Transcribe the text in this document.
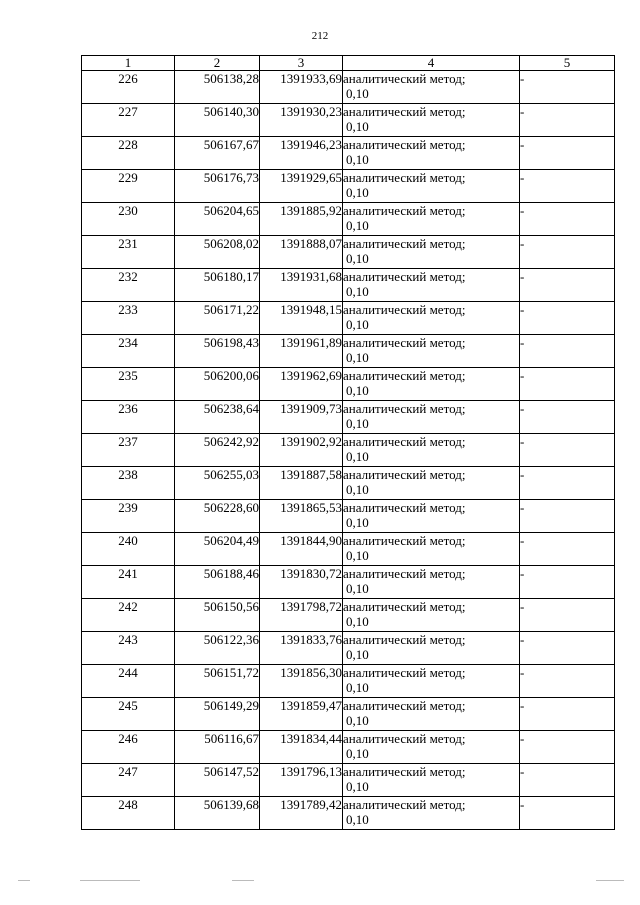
212
1	2	3	4	5
226	506138,28	1391933,69	аналитический метод;
0,10	-
227	506140,30	1391930,23	аналитический метод;
0,10	-
228	506167,67	1391946,23	аналитический метод;
0,10	-
229	506176,73	1391929,65	аналитический метод;
0,10	-
230	506204,65	1391885,92	аналитический метод;
0,10	-
231	506208,02	1391888,07	аналитический метод;
0,10	-
232	506180,17	1391931,68	аналитический метод;
0,10	-
233	506171,22	1391948,15	аналитический метод;
0,10	-
234	506198,43	1391961,89	аналитический метод;
0,10	-
235	506200,06	1391962,69	аналитический метод;
0,10	-
236	506238,64	1391909,73	аналитический метод;
0,10	-
237	506242,92	1391902,92	аналитический метод;
0,10	-
238	506255,03	1391887,58	аналитический метод;
0,10	-
239	506228,60	1391865,53	аналитический метод;
0,10	-
240	506204,49	1391844,90	аналитический метод;
0,10	-
241	506188,46	1391830,72	аналитический метод;
0,10	-
242	506150,56	1391798,72	аналитический метод;
0,10	-
243	506122,36	1391833,76	аналитический метод;
0,10	-
244	506151,72	1391856,30	аналитический метод;
0,10	-
245	506149,29	1391859,47	аналитический метод;
0,10	-
246	506116,67	1391834,44	аналитический метод;
0,10	-
247	506147,52	1391796,13	аналитический метод;
0,10	-
248	506139,68	1391789,42	аналитический метод;
0,10	-
